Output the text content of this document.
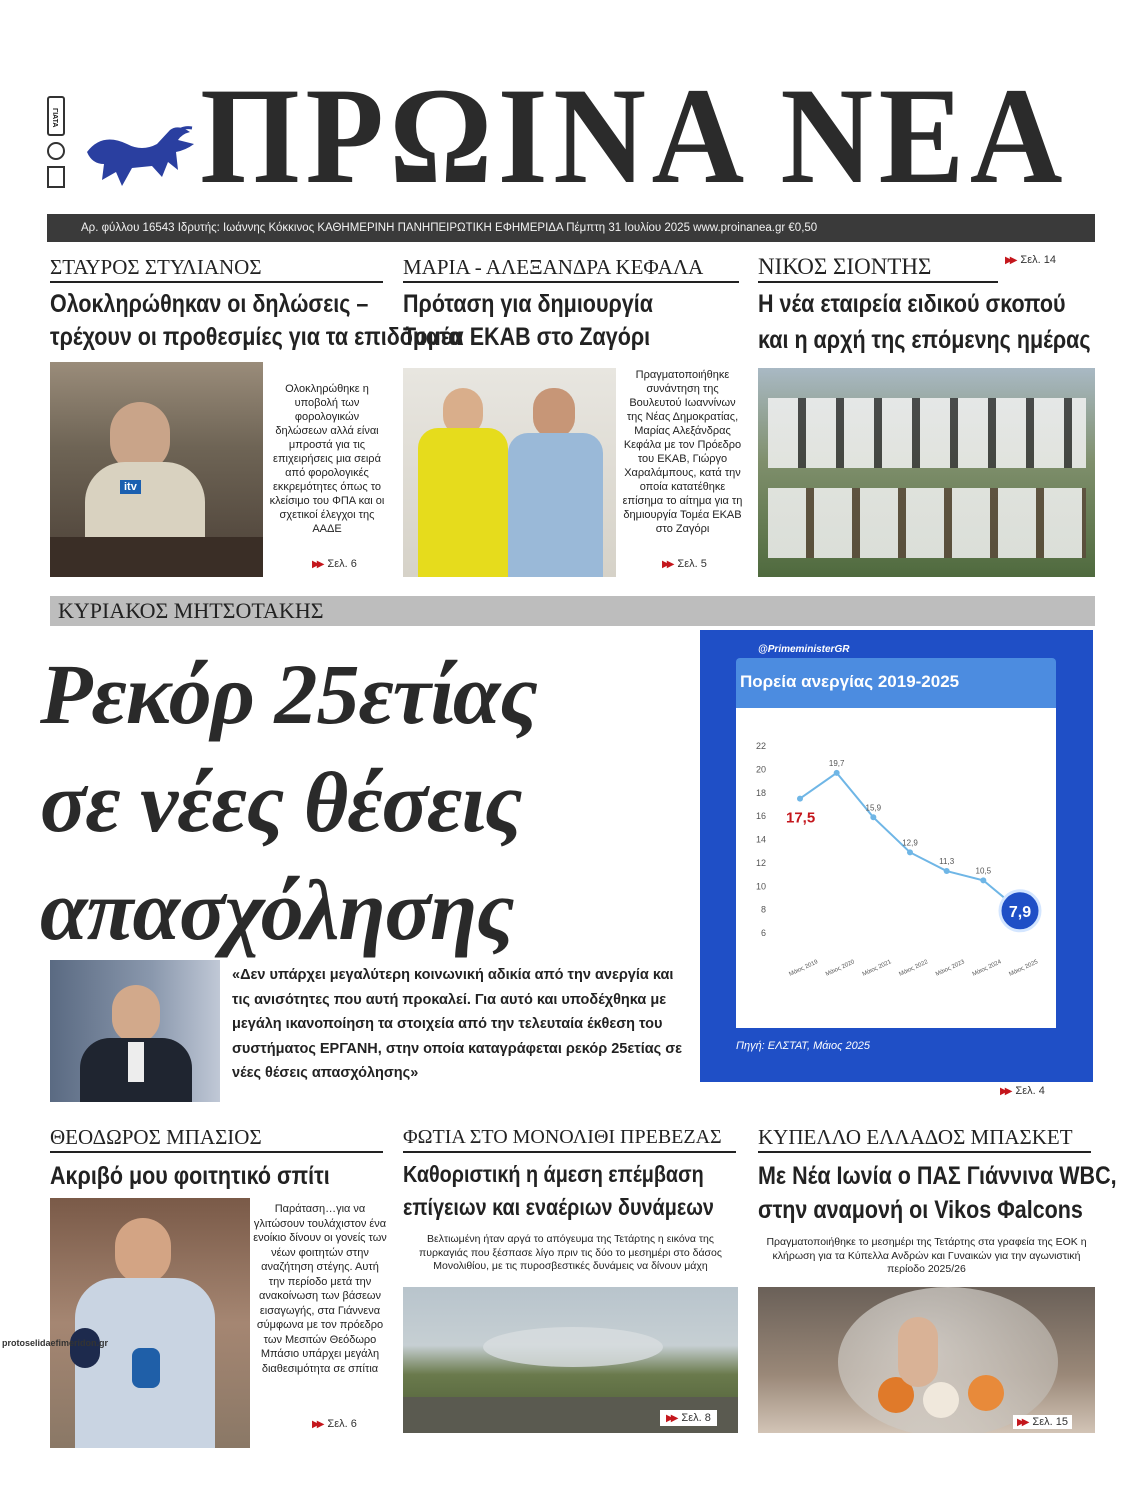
ΓΙΑΤΑ ΠΡΩΙΝΑ ΝΕΑ
Αρ. φύλλου 16543 Ιδρυτής: Ιωάννης Κόκκινος ΚΑΘΗΜΕΡΙΝΗ ΠΑΝΗΠΕΙΡΩΤΙΚΗ ΕΦΗΜΕΡΙΔΑ Πέμπτη 31 Ιουλίου 2025 www.proinanea.gr €0,50
ΣΤΑΥΡΟΣ ΣΤΥΛΙΑΝΟΣ
Ολοκληρώθηκαν οι δηλώσεις –
τρέχουν οι προθεσμίες για τα επιδόματα
itv
Ολοκληρώθηκε η υποβολή των φορολογικών δηλώσεων αλλά είναι μπροστά για τις επιχειρήσεις μια σειρά από φορολογικές εκκρεμότητες όπως το κλείσιμο του ΦΠΑ και οι σχετικοί έλεγχοι της ΑΑΔΕ
▶▶ Σελ. 6
ΜΑΡΙΑ - ΑΛΕΞΑΝΔΡΑ ΚΕΦΑΛΑ
Πρόταση για δημιουργία
Τομέα ΕΚΑΒ στο Ζαγόρι
Πραγματοποιήθηκε συνάντηση της Βουλευτού Ιωαννίνων της Νέας Δημοκρατίας, Μαρίας Αλεξάνδρας Κεφάλα με τον Πρόεδρο του ΕΚΑΒ, Γιώργο Χαραλάμπους, κατά την οποία κατατέθηκε επίσημα το αίτημα για τη δημιουργία Τομέα ΕΚΑΒ στο Ζαγόρι
▶▶ Σελ. 5
ΝΙΚΟΣ ΣΙΟΝΤΗΣ	▶▶ Σελ. 14
Η νέα εταιρεία ειδικού σκοπού
και η αρχή της επόμενης ημέρας
ΚΥΡΙΑΚΟΣ ΜΗΤΣΟΤΑΚΗΣ
Ρεκόρ 25ετίας
σε νέες θέσεις
απασχόλησης
«Δεν υπάρχει μεγαλύτερη κοινωνική αδικία από την ανεργία και τις ανισότητες που αυτή προκαλεί. Για αυτό και υποδέχθηκα με μεγάλη ικανοποίηση τα στοιχεία από την τελευταία έκθεση του συστήματος ΕΡΓΑΝΗ, στην οποία καταγράφεται ρεκόρ 25ετίας σε νέες θέσεις απασχόλησης»
@PrimeministerGR
Πορεία ανεργίας 2019-2025
22
20
18
16
14
12
10
8
6
17,5
19,7
15,9
12,9
11,3
10,5
7,9
Μάιος 2019 Μάιος 2020 Μάιος 2021 Μάιος 2022 Μάιος 2023 Μάιος 2024 Μάιος 2025
Πηγή: ΕΛΣΤΑΤ, Μάιος 2025
▶▶ Σελ. 4
ΘΕΟΔΩΡΟΣ ΜΠΑΣΙΟΣ
Ακριβό μου φοιτητικό σπίτι
Παράταση…για να γλιτώσουν τουλάχιστον ένα ενοίκιο δίνουν οι γονείς των νέων φοιτητών στην αναζήτηση στέγης. Αυτή την περίοδο μετά την ανακοίνωση των βάσεων εισαγωγής, στα Γιάννενα σύμφωνα με τον πρόεδρο των Μεσιτών Θεόδωρο Μπάσιο υπάρχει μεγάλη διαθεσιμότητα σε σπίτια
▶▶ Σελ. 6
ΦΩΤΙΑ ΣΤΟ ΜΟΝΟΛΙΘΙ ΠΡΕΒΕΖΑΣ
Καθοριστική η άμεση επέμβαση
επίγειων και εναέριων δυνάμεων
Βελτιωμένη ήταν αργά το απόγευμα της Τετάρτης η εικόνα της πυρκαγιάς που ξέσπασε λίγο πριν τις δύο το μεσημέρι στο δάσος Μονολιθίου, με τις πυροσβεστικές δυνάμεις να δίνουν μάχη
▶▶ Σελ. 8
ΚΥΠΕΛΛΟ ΕΛΛΑΔΟΣ ΜΠΑΣΚΕΤ
Με Νέα Ιωνία ο ΠΑΣ Γιάννινα WBC,
στην αναμονή οι Vikos Φalcons
Πραγματοποιήθηκε το μεσημέρι της Τετάρτης στα γραφεία της ΕΟΚ η κλήρωση για τα Κύπελλα Ανδρών και Γυναικών για την αγωνιστική περίοδο 2025/26
▶▶ Σελ. 15
protoselidaefimeridon.gr
